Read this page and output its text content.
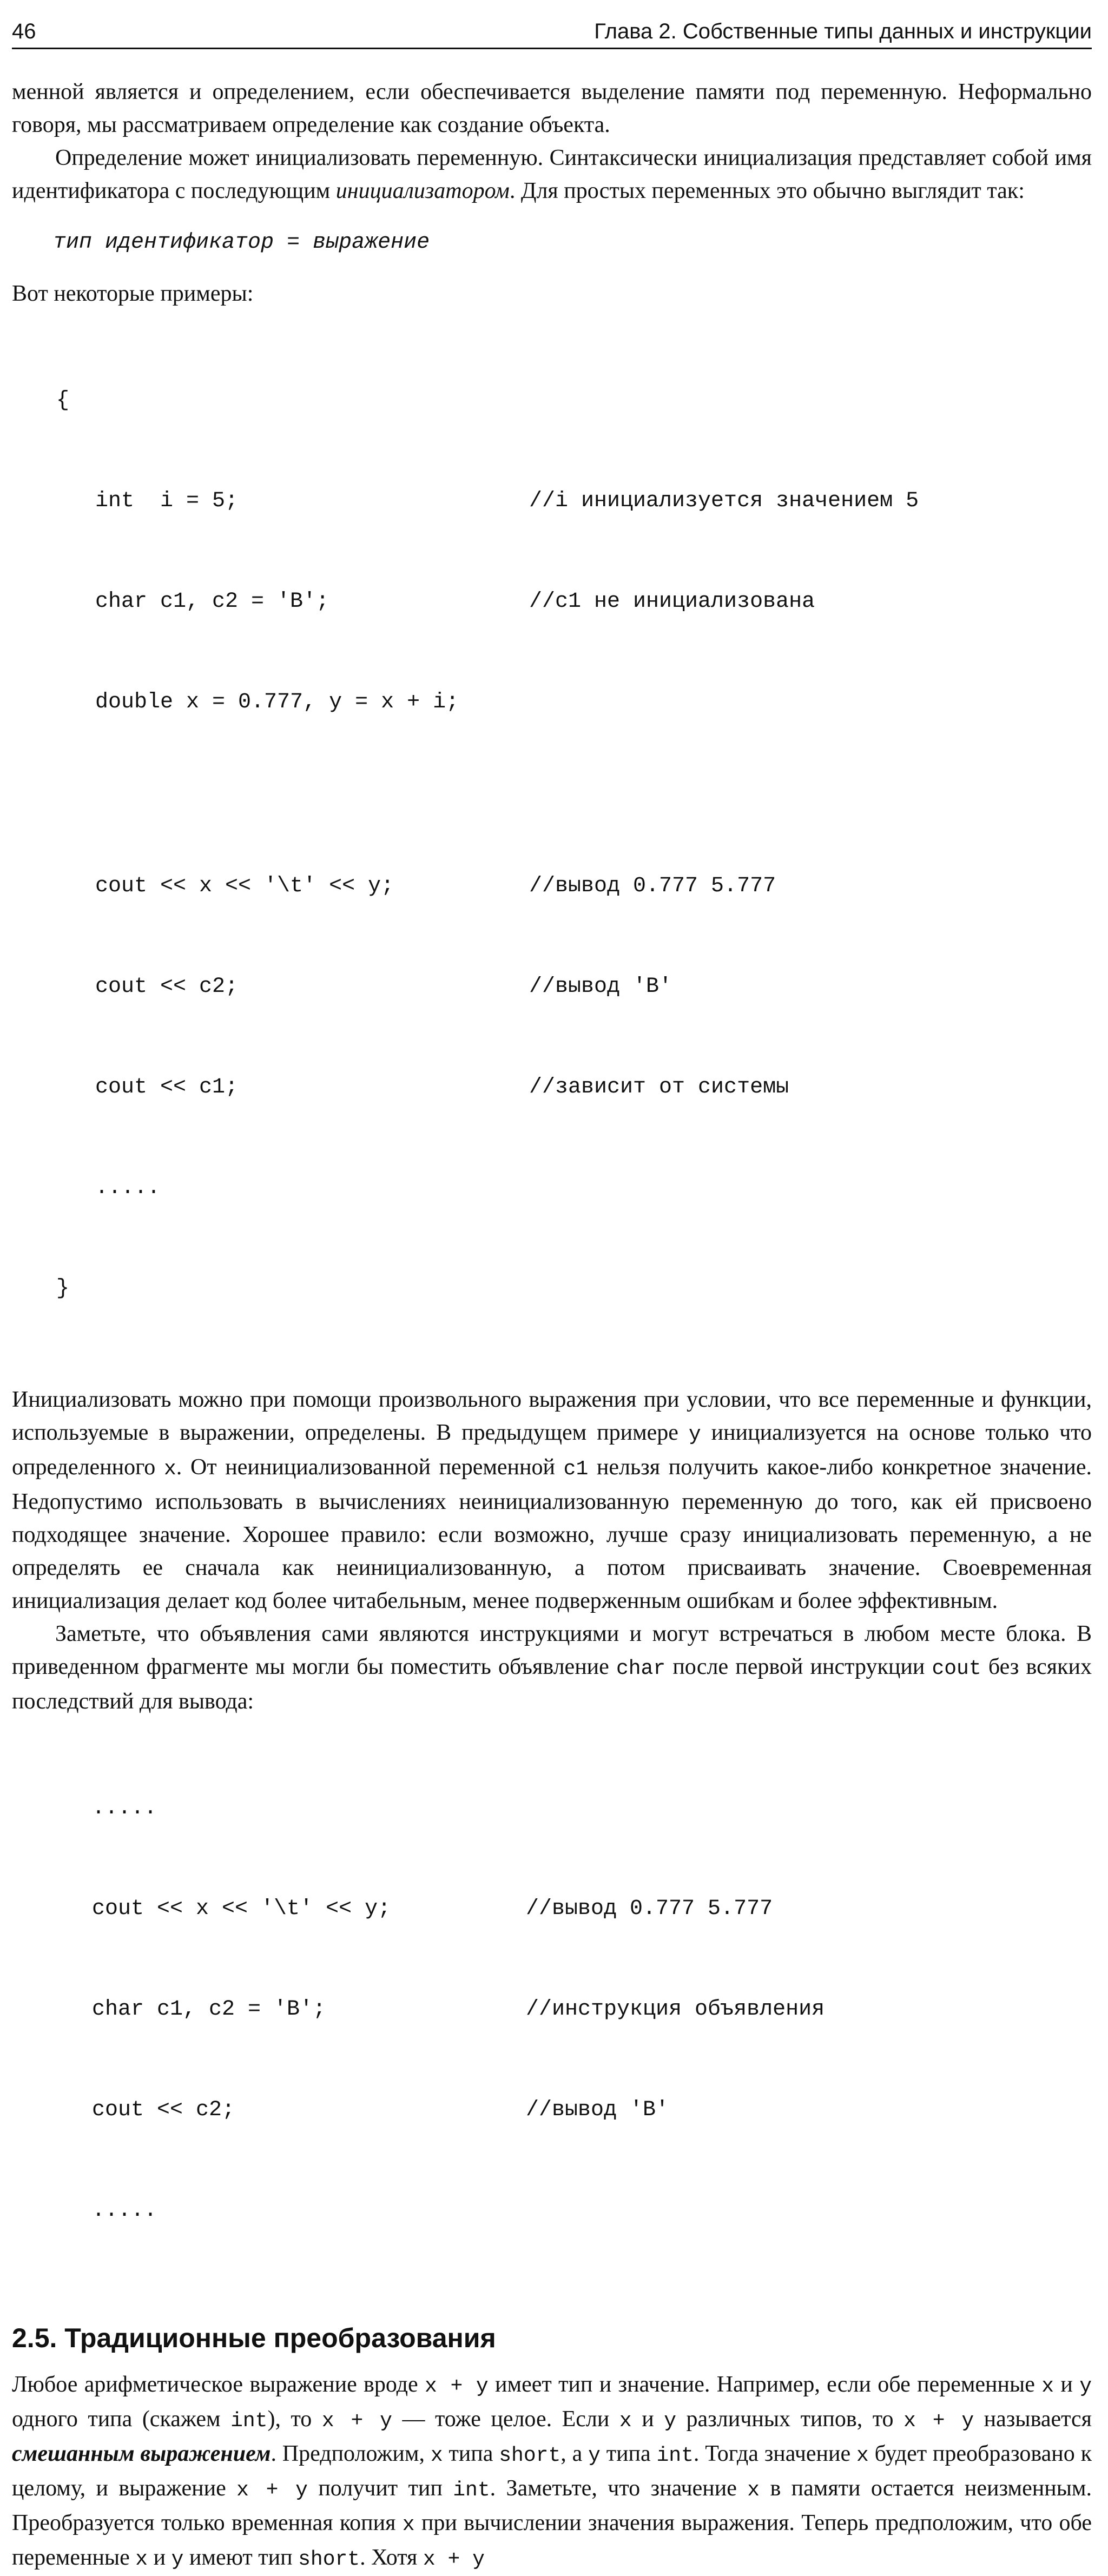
46	Глава 2. Собственные типы данных и инструкции

менной является и определением, если обеспечивается выделение памяти под переменную. Неформально говоря, мы рассматриваем определение как создание объекта.

Определение может инициализовать переменную. Синтаксически инициализация представляет собой имя идентификатора с последующим инициализатором. Для простых переменных это обычно выглядит так:

тип идентификатор = выражение

Вот некоторые примеры:

{

int  i = 5;	//i инициализуется значением 5

char c1, c2 = 'B';	//c1 не инициализована

double x = 0.777, y = x + i;

cout << x << '\t' << y;	//вывод 0.777 5.777

cout << c2;	//вывод 'B'

cout << c1;	//зависит от системы

.....

}

Инициализовать можно при помощи произвольного выражения при условии, что все переменные и функции, используемые в выражении, определены. В предыдущем примере y инициализуется на основе только что определенного x. От неинициализованной переменной c1 нельзя получить какое-либо конкретное значение. Недопустимо использовать в вычислениях неинициализованную переменную до того, как ей присвоено подходящее значение. Хорошее правило: если возможно, лучше сразу инициализовать переменную, а не определять ее сначала как неинициализованную, а потом присваивать значение. Своевременная инициализация делает код более читабельным, менее подверженным ошибкам и более эффективным.

Заметьте, что объявления сами являются инструкциями и могут встречаться в любом месте блока. В приведенном фрагменте мы могли бы поместить объявление char после первой инструкции cout без всяких последствий для вывода:

.....

cout << x << '\t' << y;	//вывод 0.777 5.777

char c1, c2 = 'B';	//инструкция объявления

cout << c2;	//вывод 'B'

.....

2.5. Традиционные преобразования

Любое арифметическое выражение вроде x + y имеет тип и значение. Например, если обе переменные x и y одного типа (скажем int), то x + y — тоже целое. Если x и y различных типов, то x + y называется смешанным выражением. Предположим, x типа short, а y типа int. Тогда значение x будет преобразовано к целому, и выражение x + y получит тип int. Заметьте, что значение x в памяти остается неизменным. Преобразуется только временная копия x при вычислении значения выражения. Теперь предположим, что обе переменные x и y имеют тип short. Хотя x + y
